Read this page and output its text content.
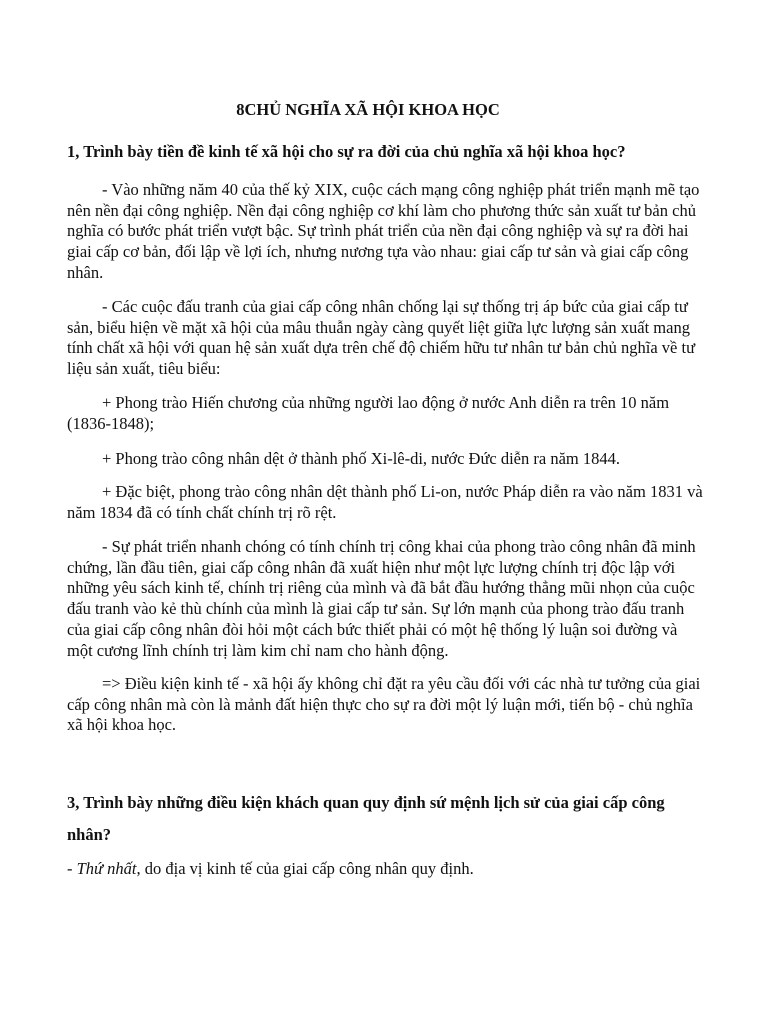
8CHỦ NGHĨA XÃ HỘI KHOA HỌC

1, Trình bày tiền đề kinh tế xã hội cho sự ra đời của chủ nghĩa xã hội khoa học?

- Vào những năm 40 của thế kỷ XIX, cuộc cách mạng công nghiệp phát triển mạnh mẽ tạo nên nền đại công nghiệp. Nền đại công nghiệp cơ khí làm cho phương thức sản xuất tư bản chủ nghĩa có bước phát triển vượt bậc. Sự trình phát triển của nền đại công nghiệp và sự ra đời hai giai cấp cơ bản, đối lập về lợi ích, nhưng nương tựa vào nhau: giai cấp tư sản và giai cấp công nhân.

- Các cuộc đấu tranh của giai cấp công nhân chống lại sự thống trị áp bức của giai cấp tư sản, biểu hiện về mặt xã hội của mâu thuẫn ngày càng quyết liệt giữa lực lượng sản xuất mang tính chất xã hội với quan hệ sản xuất dựa trên chế độ chiếm hữu tư nhân tư bản chủ nghĩa về tư liệu sản xuất, tiêu biểu:

+ Phong trào Hiến chương của những người lao động ở nước Anh diễn ra trên 10 năm (1836-1848);

+ Phong trào công nhân dệt ở thành phố Xi-lê-di, nước Đức diễn ra năm 1844.

+ Đặc biệt, phong trào công nhân dệt thành phố Li-on, nước Pháp diễn ra vào năm 1831 và năm 1834 đã có tính chất chính trị rõ rệt.

- Sự phát triển nhanh chóng có tính chính trị công khai của phong trào công nhân đã minh chứng, lần đầu tiên, giai cấp công nhân đã xuất hiện như một lực lượng chính trị độc lập với những yêu sách kinh tế, chính trị riêng của mình và đã bắt đầu hướng thẳng mũi nhọn của cuộc đấu tranh vào kẻ thù chính của mình là giai cấp tư sản. Sự lớn mạnh của phong trào đấu tranh của giai cấp công nhân đòi hỏi một cách bức thiết phải có một hệ thống lý luận soi đường và một cương lĩnh chính trị làm kim chỉ nam cho hành động.

=> Điều kiện kinh tế - xã hội ấy không chỉ đặt ra yêu cầu đối với các nhà tư tưởng của giai cấp công nhân mà còn là mảnh đất hiện thực cho sự ra đời một lý luận mới, tiến bộ - chủ nghĩa xã hội khoa học.

3, Trình bày những điều kiện khách quan quy định sứ mệnh lịch sử của giai cấp công nhân?

- Thứ nhất, do địa vị kinh tế của giai cấp công nhân quy định.
